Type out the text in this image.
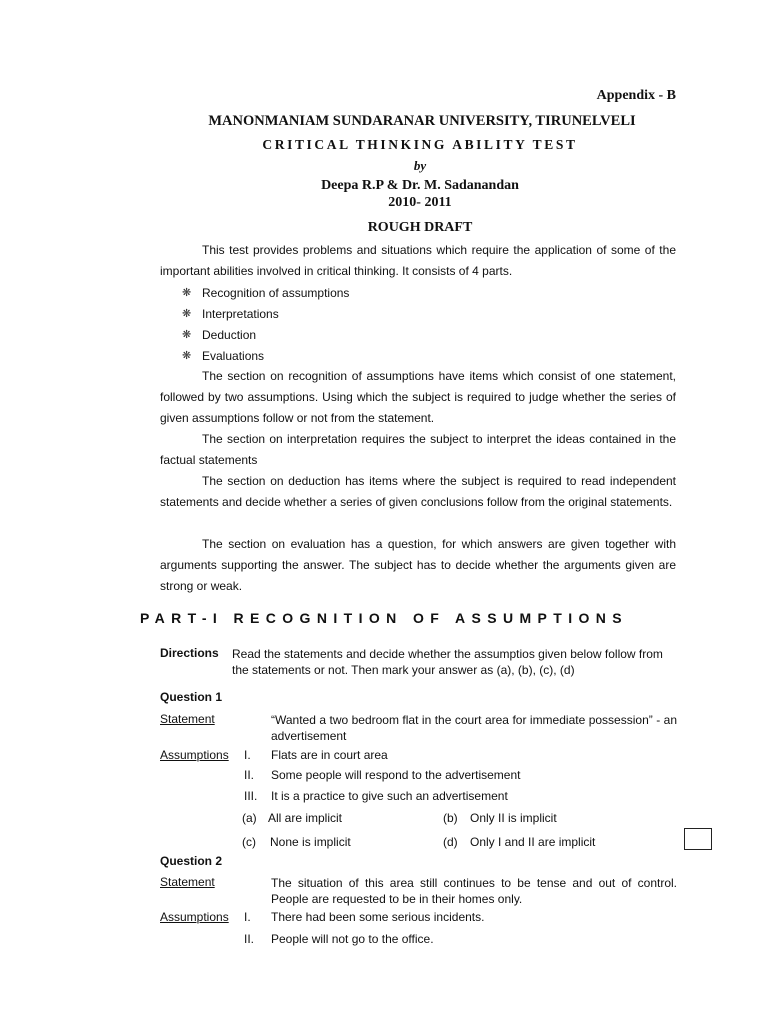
Appendix - B
MANONMANIAM SUNDARANAR UNIVERSITY, TIRUNELVELI
CRITICAL THINKING ABILITY TEST
by
Deepa R.P & Dr. M. Sadanandan
2010- 2011
ROUGH DRAFT
This test provides problems and situations which require the application of some of the important abilities involved in critical thinking. It consists of 4 parts.
❋ Recognition of assumptions
❋ Interpretations
❋ Deduction
❋ Evaluations
The section on recognition of assumptions have items which consist of one statement, followed by two assumptions. Using which the subject is required to judge whether the series of given assumptions follow or not from the statement.
The section on interpretation requires the subject to interpret the ideas contained in the factual statements
The section on deduction has items where the subject is required to read independent statements and decide whether a series of given conclusions follow from the original statements.
The section on evaluation has a question, for which answers are given together with arguments supporting the answer. The subject has to decide whether the arguments given are strong or weak.
PART-I RECOGNITION OF ASSUMPTIONS
Directions Read the statements and decide whether the assumptios given below follow from the statements or not. Then mark your answer as (a), (b), (c), (d)
Question 1
Statement	“Wanted a two bedroom flat in the court area for immediate possession” - an advertisement
Assumptions I.	Flats are in court area
II.	Some people will respond to the advertisement
III.	It is a practice to give such an advertisement
(a) All are implicit	(b) Only II is implicit
(c) None is implicit	(d) Only I and II are implicit
Question 2
Statement	The situation of this area still continues to be tense and out of control. People are requested to be in their homes only.
Assumptions I.	There had been some serious incidents.
II.	People will not go to the office.
